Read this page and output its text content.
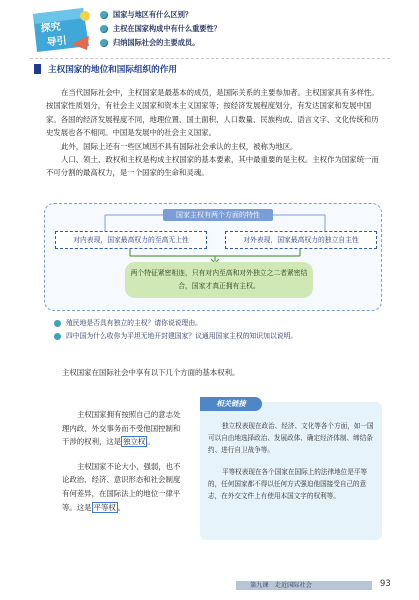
探究
导引
国家与地区有什么区别？
主权在国家构成中有什么重要性？
归纳国际社会的主要成员。
主权国家的地位和国际组织的作用

在当代国际社会中，主权国家是最基本的成员，是国际关系的主要参加者。主权国家具有多样性。按国家性质划分，有社会主义国家和资本主义国家等；按经济发展程度划分，有发达国家和发展中国家。各国的经济发展程度不同，地理位置、国土面积、人口数量、民族构成、语言文字、文化传统和历史发展也各不相同。中国是发展中的社会主义国家。

此外，国际上还有一些区域因不具有国际社会承认的主权，被称为地区。

人口、领土、政权和主权是构成主权国家的基本要素，其中最重要的是主权。主权作为国家统一而不可分割的最高权力，是一个国家的生命和灵魂。

国家主权有两个方面的特性
对内表现，国家最高权力的至高无上性	对外表现，国家最高权力的独立自主性
两个特征紧密相连，只有对内至高和对外独立之二者紧密结合，国家才真正拥有主权。
殖民地是否具有独立的主权？请你说说理由。
四中国为什么收你为平坦无地开封建国家？议通用国家主权的知识加以说明。
主权国家在国际社会中享有以下几个方面的基本权利。

主权国家拥有按照自己的意志处理内政、外交事务而不受他国控制和干涉的权利，这是 独立权 。

主权国家不论大小、强弱，也不论政治、经济、意识形态和社会制度有何差异，在国际法上的地位一律平等。这是 平等权 。

相关链接

独立权表现在政治、经济、文化等各个方面，如一国可以自由地选择政治、发展政体、确定经济体制、缔结条约、进行自卫战争等。

平等权表现在各个国家在国际上的法律地位是平等的，任何国家都不得以任何方式强迫他国接受自己的意志，在外交文件上有使用本国文字的权利等。

第九课　走近国际社会	93
